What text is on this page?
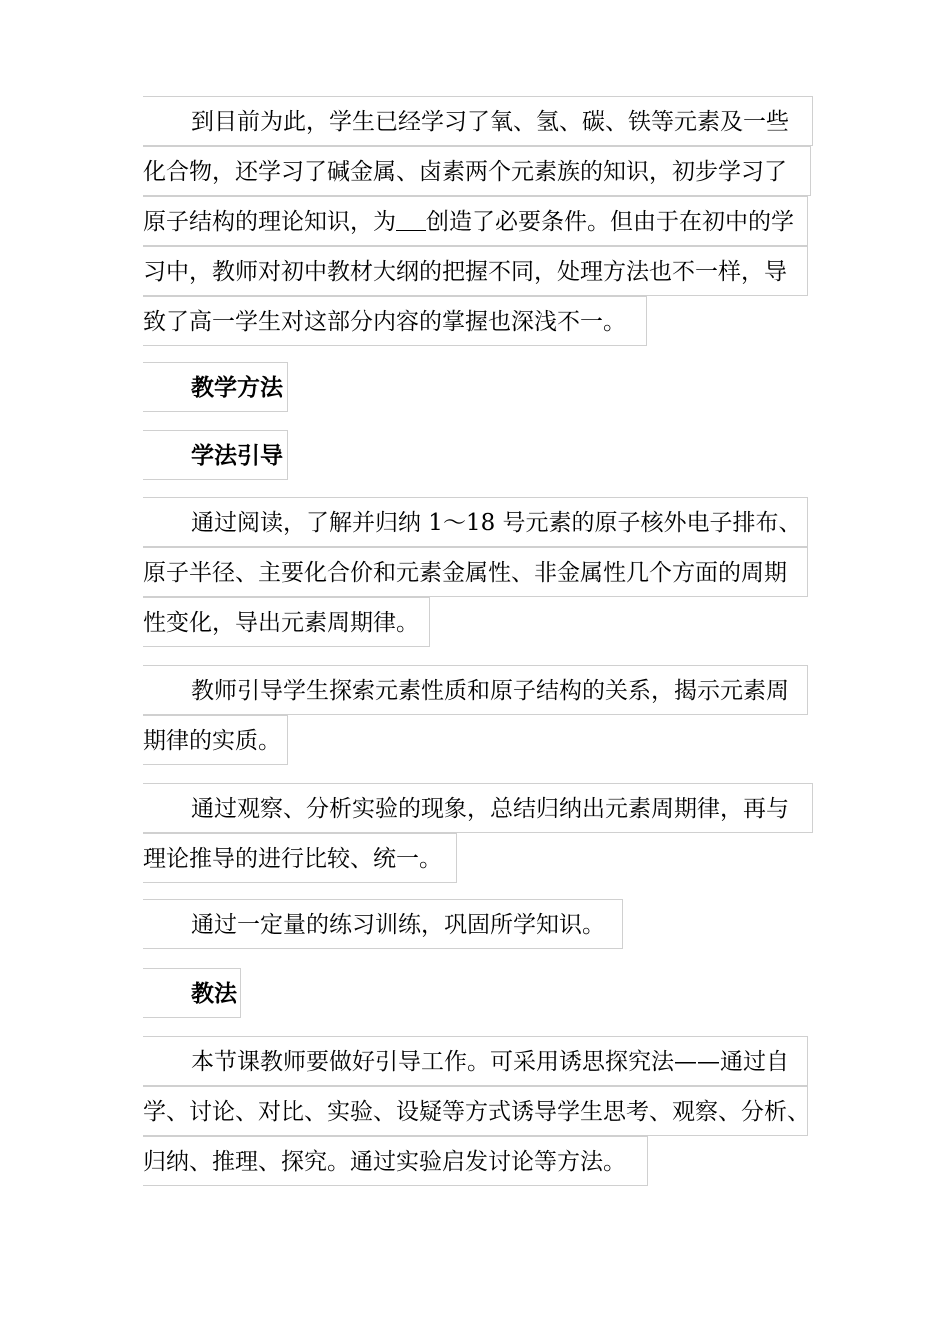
到目前为此，学生已经学习了氧、氢、碳、铁等元素及一些
化合物，还学习了碱金属、卤素两个元素族的知识，初步学习了
原子结构的理论知识，为 创造了必要条件。但由于在初中的学
习中，教师对初中教材大纲的把握不同，处理方法也不一样，导
致了高一学生对这部分内容的掌握也深浅不一。
教学方法
学法引导
通过阅读，了解并归纳 1～18 号元素的原子核外电子排布、
原子半径、主要化合价和元素金属性、非金属性几个方面的周期
性变化，导出元素周期律。
教师引导学生探索元素性质和原子结构的关系，揭示元素周
期律的实质。
通过观察、分析实验的现象，总结归纳出元素周期律，再与
理论推导的进行比较、统一。
通过一定量的练习训练，巩固所学知识。
教法
本节课教师要做好引导工作。可采用诱思探究法——通过自
学、讨论、对比、实验、设疑等方式诱导学生思考、观察、分析、
归纳、推理、探究。通过实验启发讨论等方法。
